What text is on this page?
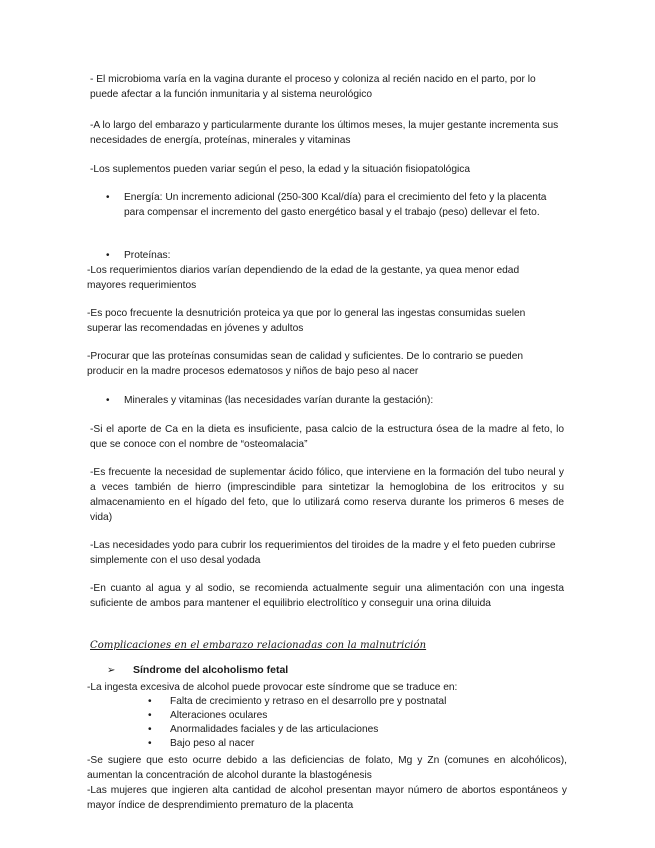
- El microbioma varía en la vagina durante el proceso y coloniza al recién nacido en el parto, por lo puede afectar a la función inmunitaria y al sistema neurológico

-A lo largo del embarazo y particularmente durante los últimos meses, la mujer gestante incrementa sus necesidades de energía, proteínas, minerales y vitaminas

-Los suplementos pueden variar según el peso, la edad y la situación fisiopatológica

• Energía: Un incremento adicional (250-300 Kcal/día) para el crecimiento del feto y la placenta para compensar el incremento del gasto energético basal y el trabajo (peso) dellevar el feto.
• Proteínas:

-Los requerimientos diarios varían dependiendo de la edad de la gestante, ya quea menor edad mayores requerimientos

-Es poco frecuente la desnutrición proteica ya que por lo general las ingestas consumidas suelen superar las recomendadas en jóvenes y adultos

-Procurar que las proteínas consumidas sean de calidad y suficientes. De lo contrario se pueden producir en la madre procesos edematosos y niños de bajo peso al nacer

• Minerales y vitaminas (las necesidades varían durante la gestación):

-Si el aporte de Ca en la dieta es insuficiente, pasa calcio de la estructura ósea de la madre al feto, lo que se conoce con el nombre de “osteomalacia”

-Es frecuente la necesidad de suplementar ácido fólico, que interviene en la formación del tubo neural y a veces también de hierro (imprescindible para sintetizar la hemoglobina de los eritrocitos y su almacenamiento en el hígado del feto, que lo utilizará como reserva durante los primeros 6 meses de vida)

-Las necesidades yodo para cubrir los requerimientos del tiroides de la madre y el feto pueden cubrirse simplemente con el uso desal yodada

-En cuanto al agua y al sodio, se recomienda actualmente seguir una alimentación con una ingesta suficiente de ambos para mantener el equilibrio electrolítico y conseguir una orina diluida

Complicaciones en el embarazo relacionadas con la malnutrición
➢ Síndrome del alcoholismo fetal

-La ingesta excesiva de alcohol puede provocar este síndrome que se traduce en:

• Falta de crecimiento y retraso en el desarrollo pre y postnatal
• Alteraciones oculares
• Anormalidades faciales y de las articulaciones
• Bajo peso al nacer

-Se sugiere que esto ocurre debido a las deficiencias de folato, Mg y Zn (comunes en alcohólicos), aumentan la concentración de alcohol durante la blastogénesis

-Las mujeres que ingieren alta cantidad de alcohol presentan mayor número de abortos espontáneos y mayor índice de desprendimiento prematuro de la placenta
